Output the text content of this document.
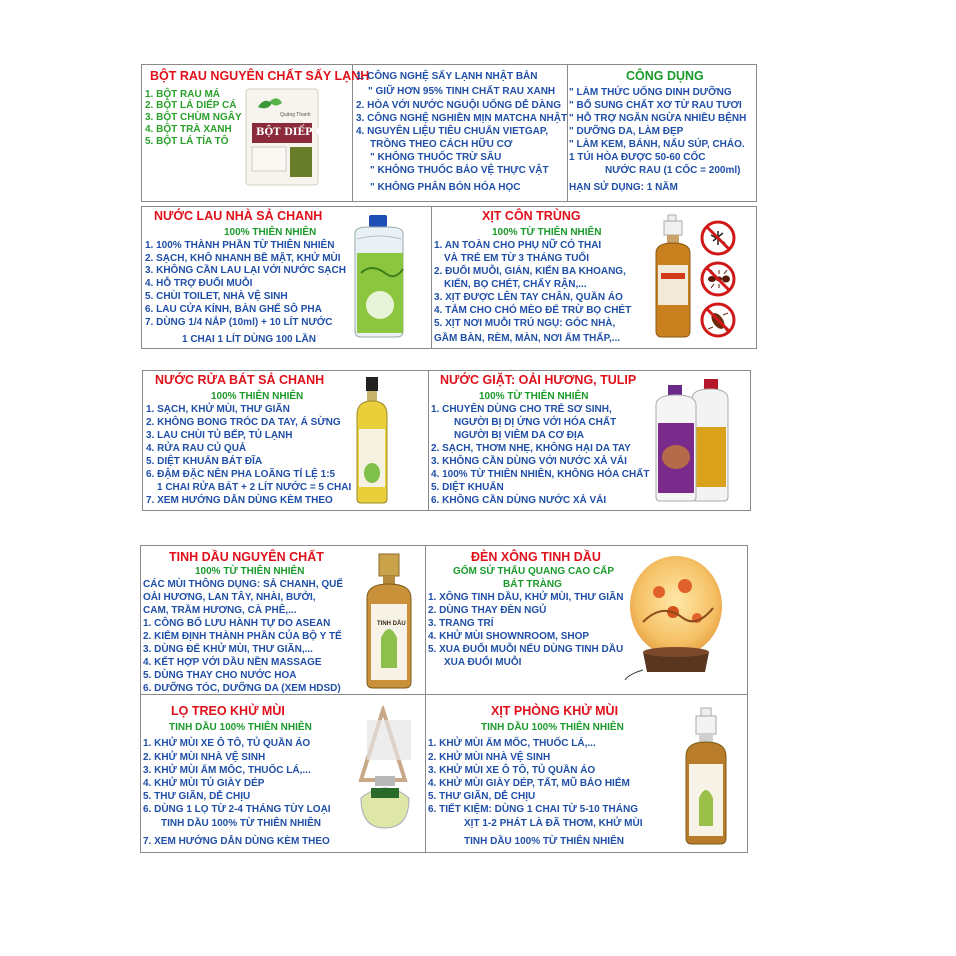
BỘT RAU NGUYÊN CHẤT SẤY LẠNH
1. BỘT RAU MÁ
2. BỘT LÁ DIẾP CÁ
3. BỘT CHÙM NGÂY
4. BỘT TRÀ XANH
5. BỘT LÁ TÍA TÔ
Quảng Thanh
BỘT DIẾP CÁ
1. CÔNG NGHỆ SẤY LẠNH NHẬT BẢN
" GIỮ HƠN 95% TINH CHẤT RAU XANH
2. HÒA VỚI NƯỚC NGUỘI UỐNG DỄ DÀNG
3. CÔNG NGHỆ NGHIỀN MỊN MATCHA NHẬT
4. NGUYÊN LIỆU TIÊU CHUẨN VIETGAP,
TRỒNG THEO CÁCH HỮU CƠ
" KHÔNG THUỐC TRỪ SÂU
" KHÔNG THUỐC BẢO VỆ THỰC VẬT
" KHÔNG PHÂN BÓN HÓA HỌC
CÔNG DỤNG
" LÀM THỨC UỐNG DINH DƯỠNG
" BỔ SUNG CHẤT XƠ TỪ RAU TƯƠI
" HỖ TRỢ NGĂN NGỪA NHIỀU BỆNH
" DƯỠNG DA, LÀM ĐẸP
" LÀM KEM, BÁNH, NẤU SÚP, CHÁO.
1 TÚI HÒA ĐƯỢC 50-60 CỐC
NƯỚC RAU (1 CỐC = 200ml)
HẠN SỬ DỤNG: 1 NĂM
NƯỚC LAU NHÀ SẢ CHANH
100% THIÊN NHIÊN
1. 100% THÀNH PHẦN TỪ THIÊN NHIÊN
2. SẠCH, KHÔ NHANH BỀ MẶT, KHỬ MÙI
3. KHÔNG CẦN LAU LẠI VỚI NƯỚC SẠCH
4. HỖ TRỢ ĐUỔI MUỖI
5. CHÙI TOILET, NHÀ VỆ SINH
6. LAU CỬA KÍNH, BÀN GHẾ SÔ PHA
7. DÙNG 1/4 NẮP (10ml) + 10 LÍT NƯỚC
1 CHAI 1 LÍT DÙNG 100 LẦN
XỊT CÔN TRÙNG
100% TỪ THIÊN NHIÊN
1. AN TOÀN CHO PHỤ NỮ CÓ THAI
VÀ TRẺ EM TỪ 3 THÁNG TUỔI
2. ĐUỔI MUỖI, GIÁN, KIẾN BA KHOANG,
KIẾN, BỌ CHÉT, CHẤY RẬN,...
3. XỊT ĐƯỢC LÊN TAY CHÂN, QUẦN ÁO
4. TẮM CHO CHÓ MÈO ĐỂ TRỪ BỌ CHÉT
5. XỊT NƠI MUỖI TRÚ NGỤ: GÓC NHÀ,
GẦM BÀN, RÈM, MÀN, NƠI ẨM THẤP,...
NƯỚC RỬA BÁT SẢ CHANH
100% THIÊN NHIÊN
1. SẠCH, KHỬ MÙI, THƯ GIÃN
2. KHÔNG BONG TRÓC DA TAY, Á SỪNG
3. LAU CHÙI TỦ BẾP, TỦ LẠNH
4. RỬA RAU CỦ QUẢ
5. DIỆT KHUẨN BÁT ĐĨA
6. ĐẬM ĐẶC NÊN PHA LOÃNG TỈ LỆ 1:5
1 CHAI RỬA BÁT + 2 LÍT NƯỚC = 5 CHAI
7. XEM HƯỚNG DẪN DÙNG KÈM THEO
NƯỚC GIẶT: OẢI HƯƠNG, TULIP
100% TỪ THIÊN NHIÊN
1. CHUYÊN DÙNG CHO TRẺ SƠ SINH,
NGƯỜI BỊ DỊ ỨNG VỚI HÓA CHẤT
NGƯỜI BỊ VIÊM DA CƠ ĐỊA
2. SẠCH, THƠM NHẸ, KHÔNG HẠI DA TAY
3. KHÔNG CẦN DÙNG VỚI NƯỚC XẢ VẢI
4. 100% TỪ THIÊN NHIÊN, KHÔNG HÓA CHẤT
5. DIỆT KHUẨN
6. KHÔNG CẦN DÙNG NƯỚC XẢ VẢI
TINH DẦU NGUYÊN CHẤT
100% TỪ THIÊN NHIÊN
CÁC MÙI THÔNG DỤNG: SẢ CHANH, QUẾ
OẢI HƯƠNG, LAN TÂY, NHÀI, BƯỞI,
CAM, TRẦM HƯƠNG, CÀ PHÊ,...
1. CÔNG BỐ LƯU HÀNH TỰ DO ASEAN
2. KIỂM ĐỊNH THÀNH PHẦN CỦA BỘ Y TẾ
3. DÙNG ĐỂ KHỬ MÙI, THƯ GIÃN,...
4. KẾT HỢP VỚI DẦU NỀN MASSAGE
5. DÙNG THAY CHO NƯỚC HOA
6. DƯỠNG TÓC, DƯỠNG DA (XEM HDSD)
TINH DẦU
ĐÈN XÔNG TINH DẦU
GỐM SỨ THẤU QUANG CAO CẤP
BÁT TRÀNG
1. XÔNG TINH DẦU, KHỬ MÙI, THƯ GIÃN
2. DÙNG THAY ĐÈN NGỦ
3. TRANG TRÍ
4. KHỬ MÙI SHOWNROOM, SHOP
5. XUA ĐUỔI MUỖI NẾU DÙNG TINH DẦU
XUA ĐUỔI MUỖI
LỌ TREO KHỬ MÙI
TINH DẦU 100% THIÊN NHIÊN
1. KHỬ MÙI XE Ô TÔ, TỦ QUẦN ÁO
2. KHỬ MÙI NHÀ VỆ SINH
3. KHỬ MÙI ẨM MỐC, THUỐC LÁ,...
4. KHỬ MÙI TỦ GIÀY DÉP
5. THƯ GIÃN, DỄ CHỊU
6. DÙNG 1 LỌ TỪ 2-4 THÁNG TÙY LOẠI
TINH DẦU 100% TỪ THIÊN NHIÊN
7. XEM HƯỚNG DẪN DÙNG KÈM THEO
XỊT PHÒNG KHỬ MÙI
TINH DẦU 100% THIÊN NHIÊN
1. KHỬ MÙI ẨM MỐC, THUỐC LÁ,...
2. KHỬ MÙI NHÀ VỆ SINH
3. KHỬ MÙI XE Ô TÔ, TỦ QUẦN ÁO
4. KHỬ MÙI GIÀY DÉP, TẤT, MŨ BẢO HIỂM
5. THƯ GIÃN, DỄ CHỊU
6. TIẾT KIỆM: DÙNG 1 CHAI TỪ 5-10 THÁNG
XỊT 1-2 PHÁT LÀ ĐÃ THƠM, KHỬ MÙI
TINH DẦU 100% TỪ THIÊN NHIÊN
